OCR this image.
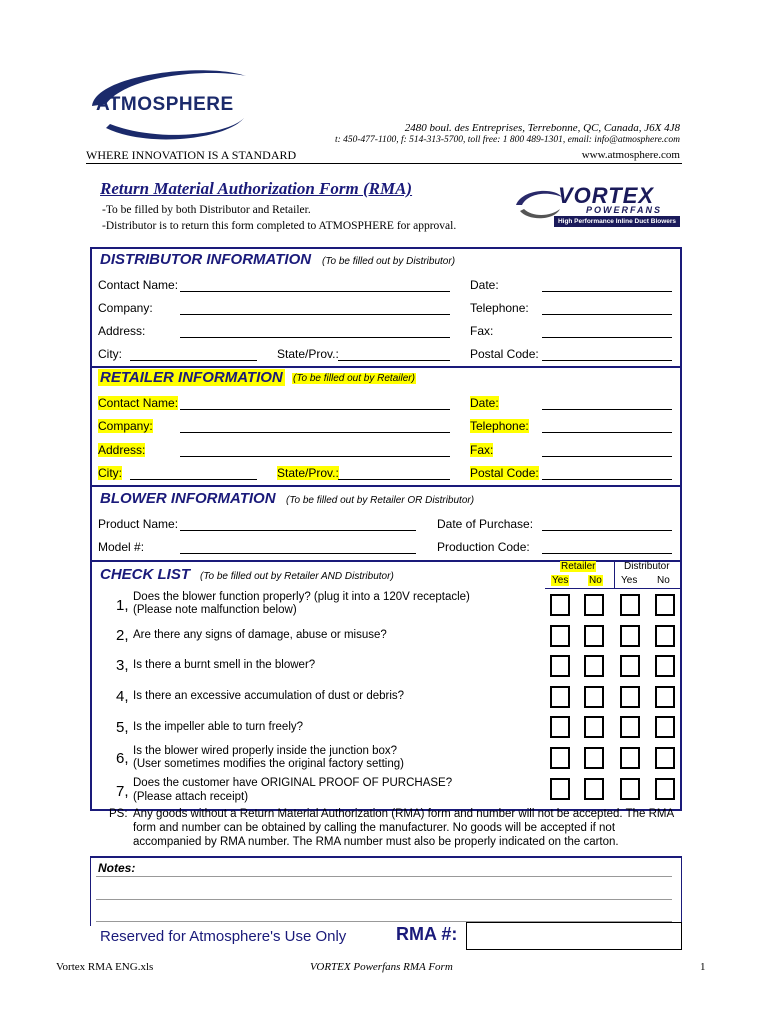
ATMOSPHERE
2480 boul. des Entreprises, Terrebonne, QC, Canada, J6X 4J8
t: 450-477-1100, f: 514-313-5700, toll free: 1 800 489-1301, email: info@atmosphere.com
WHERE INNOVATION IS A STANDARD	www.atmosphere.com
Return Material Authorization Form (RMA)
-To be filled by both Distributor and Retailer.
-Distributor is to return this form completed to ATMOSPHERE for approval.
VORTEX
POWERFANS
High Performance Inline Duct Blowers
DISTRIBUTOR INFORMATION (To be filled out by Distributor)
Contact Name:	Date:
Company:	Telephone:
Address:	Fax:
City:	State/Prov.:	Postal Code:
RETAILER INFORMATION (To be filled out by Retailer)
Contact Name:	Date:
Company:	Telephone:
Address:	Fax:
City:	State/Prov.:	Postal Code:
BLOWER INFORMATION (To be filled out by Retailer OR Distributor)
Product Name:	Date of Purchase:
Model #:	Production Code:
CHECK LIST (To be filled out by Retailer AND Distributor)
Retailer	Distributor
Yes No Yes No
1, Does the blower function properly? (plug it into a 120V receptacle)
(Please note malfunction below)
2, Are there any signs of damage, abuse or misuse?
3, Is there a burnt smell in the blower?
4, Is there an excessive accumulation of dust or debris?
5, Is the impeller able to turn freely?
6, Is the blower wired properly inside the junction box?
(User sometimes modifies the original factory setting)
7, Does the customer have ORIGINAL PROOF OF PURCHASE?
(Please attach receipt)
PS: Any goods without a Return Material Authorization (RMA) form and number will not be accepted. The RMA
form and number can be obtained by calling the manufacturer. No goods will be accepted if not
accompanied by RMA number. The RMA number must also be properly indicated on the carton.
Notes:
Reserved for Atmosphere's Use Only	RMA #:
Vortex RMA ENG.xls	VORTEX Powerfans RMA Form	1
